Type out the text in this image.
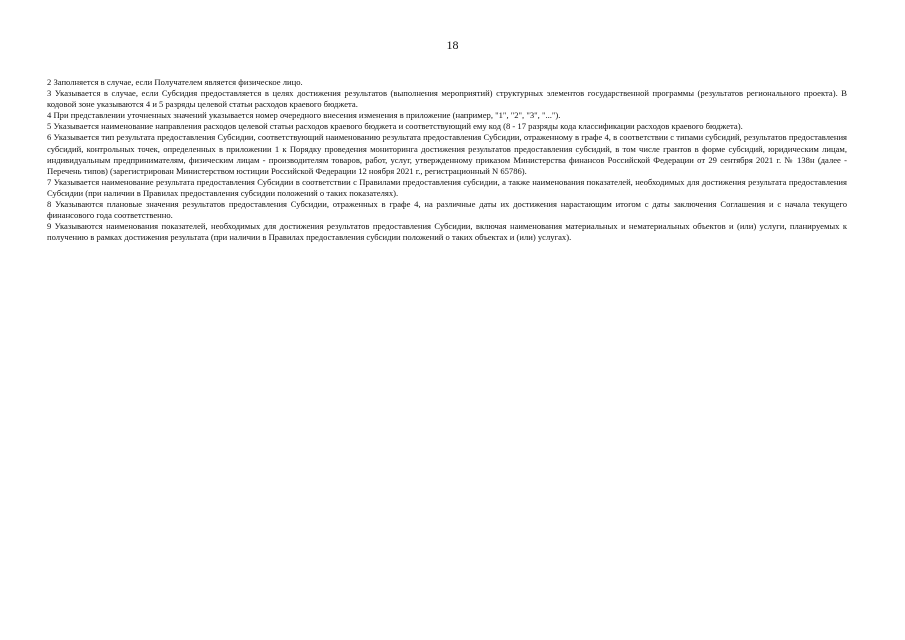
18

2 Заполняется в случае, если Получателем является физическое лицо.

3 Указывается в случае, если Субсидия предоставляется в целях достижения результатов (выполнения мероприятий) структурных элементов государственной программы (результатов регионального проекта). В кодовой зоне указываются 4 и 5 разряды целевой статьи расходов краевого бюджета.

4 При представлении уточненных значений указывается номер очередного внесения изменения в приложение (например, "1", "2", "3", "...").

5 Указывается наименование направления расходов целевой статьи расходов краевого бюджета и соответствующий ему код (8 - 17 разряды кода классификации расходов краевого бюджета).

6 Указывается тип результата предоставления Субсидии, соответствующий наименованию результата предоставления Субсидии, отраженному в графе 4, в соответствии с типами субсидий, результатов предоставления субсидий, контрольных точек, определенных в приложении 1 к Порядку проведения мониторинга достижения результатов предоставления субсидий, в том числе грантов в форме субсидий, юридическим лицам, индивидуальным предпринимателям, физическим лицам - производителям товаров, работ, услуг, утвержденному приказом Министерства финансов Российской Федерации от 29 сентября 2021 г. № 138н (далее - Перечень типов) (зарегистрирован Министерством юстиции Российской Федерации 12 ноября 2021 г., регистрационный N 65786).

7 Указывается наименование результата предоставления Субсидии в соответствии с Правилами предоставления субсидии, а также наименования показателей, необходимых для достижения результата предоставления Субсидии (при наличии в Правилах предоставления субсидии положений о таких показателях).

8 Указываются плановые значения результатов предоставления Субсидии, отраженных в графе 4, на различные даты их достижения нарастающим итогом с даты заключения Соглашения и с начала текущего финансового года соответственно.

9 Указываются наименования показателей, необходимых для достижения результатов предоставления Субсидии, включая наименования материальных и нематериальных объектов и (или) услуги, планируемых к получению в рамках достижения результата (при наличии в Правилах предоставления субсидии положений о таких объектах и (или) услугах).
